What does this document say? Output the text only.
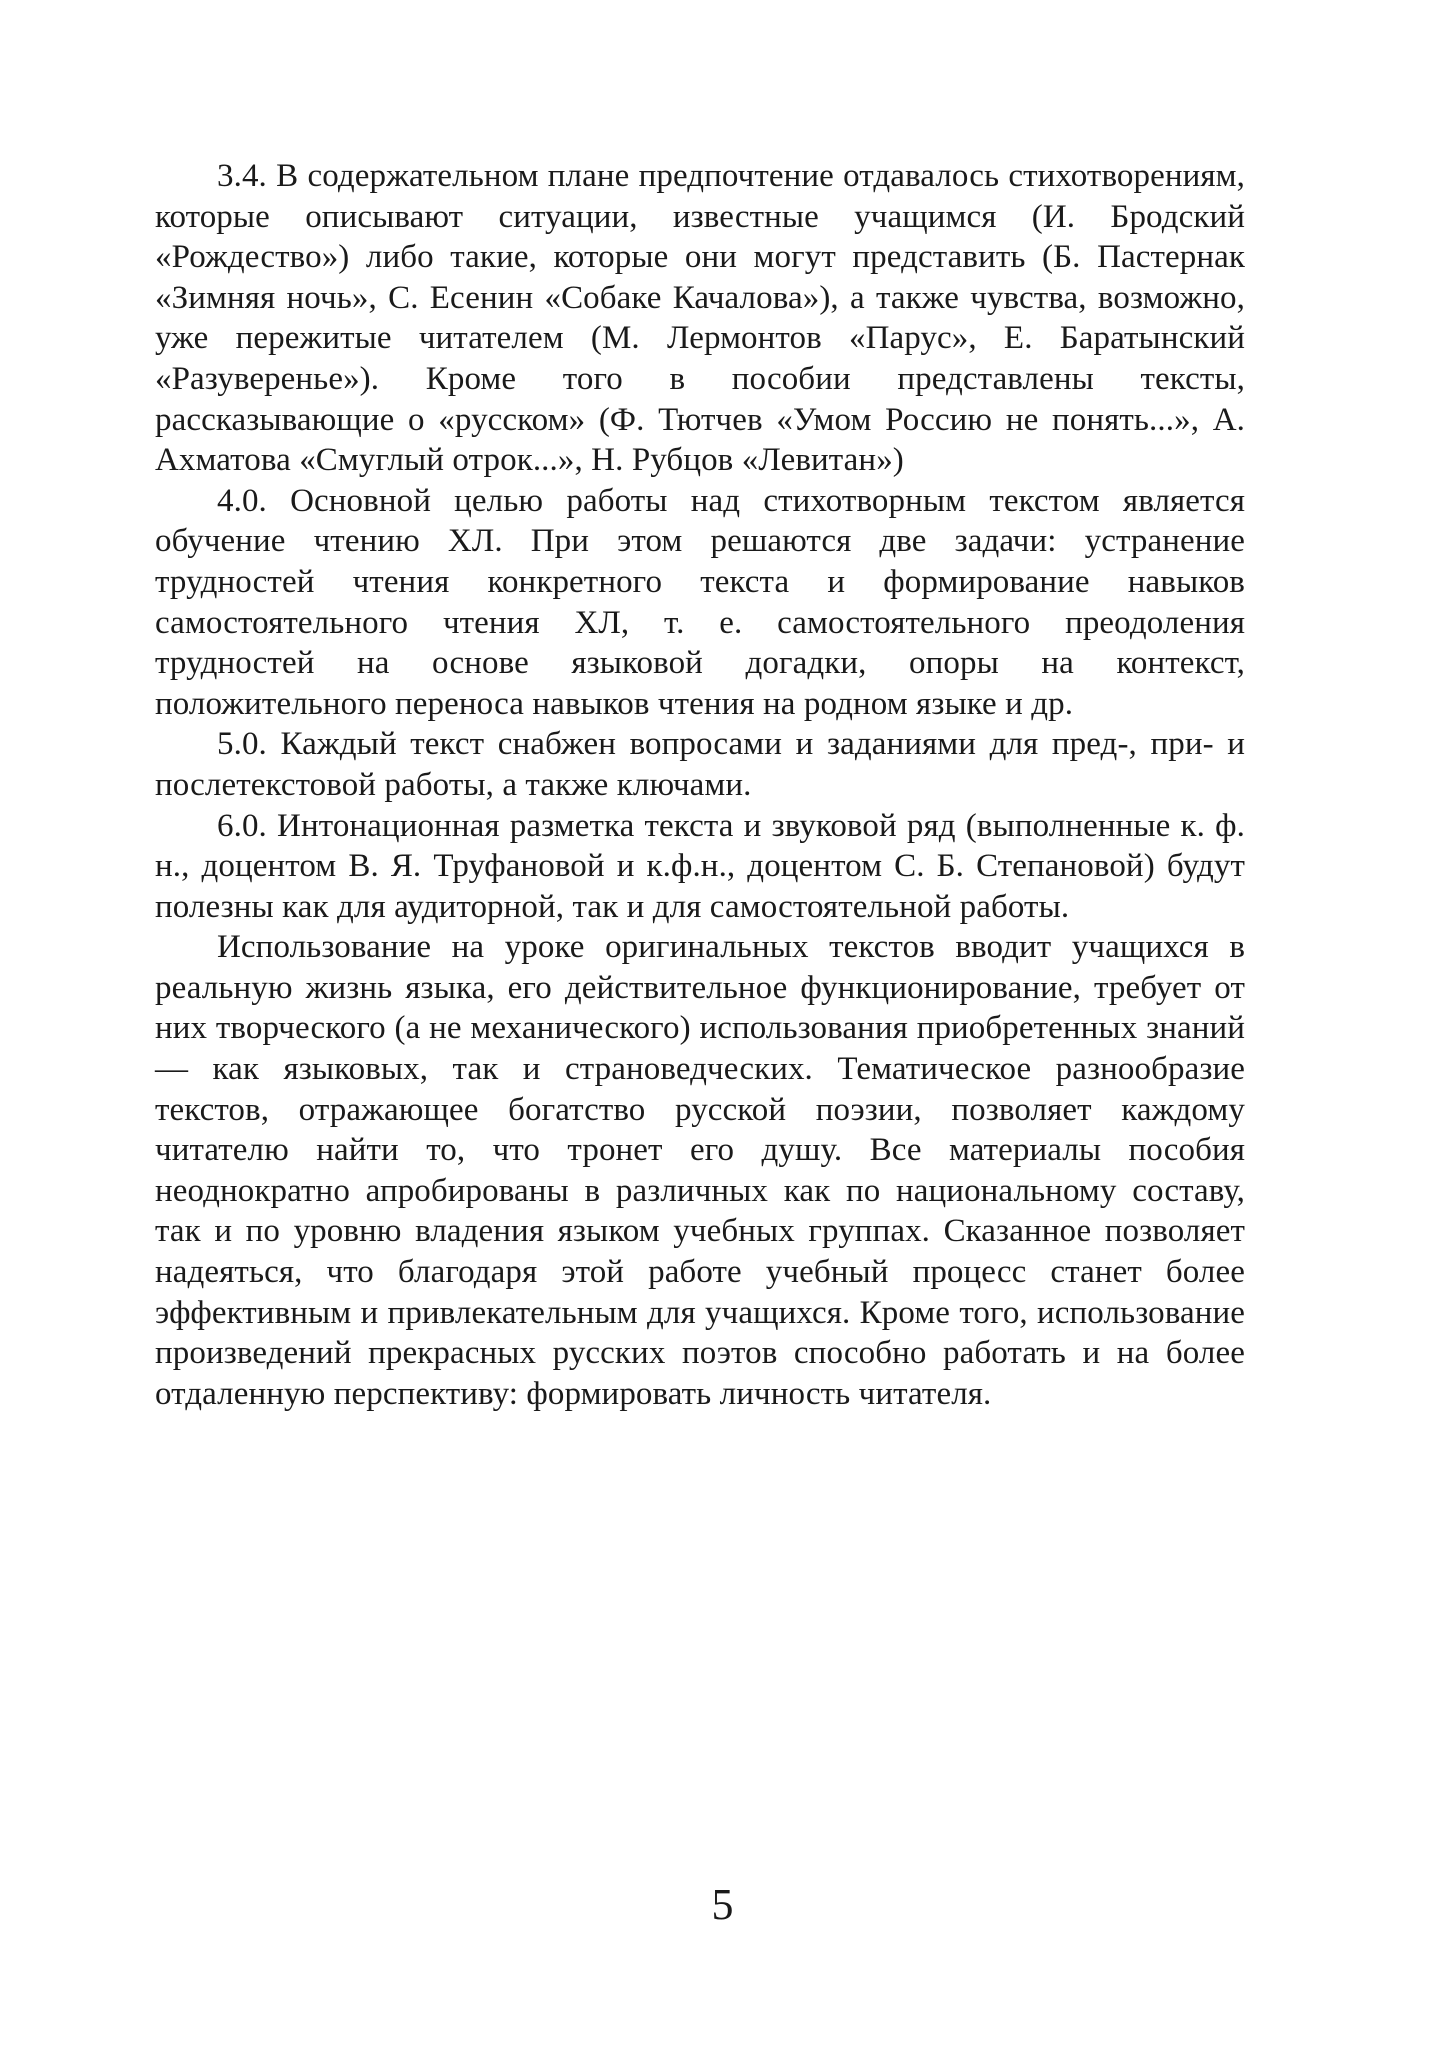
3.4. В содержательном плане предпочтение отдавалось стихотворениям, которые описывают ситуации, известные учащимся (И. Бродский «Рождество») либо такие, которые они могут представить (Б. Пастернак «Зимняя ночь», С. Есенин «Собаке Качалова»), а также чувства, возможно, уже пережитые читателем (М. Лермонтов «Парус», Е. Баратынский «Разуверенье»). Кроме того в пособии представлены тексты, рассказывающие о «русском» (Ф. Тютчев «Умом Россию не понять...», А. Ахматова «Смуглый отрок...», Н. Рубцов «Левитан»)

4.0. Основной целью работы над стихотворным текстом является обучение чтению ХЛ. При этом решаются две задачи: устранение трудностей чтения конкретного текста и формирование навыков самостоятельного чтения ХЛ, т. е. самостоятельного преодоления трудностей на основе языковой догадки, опоры на контекст, положительного переноса навыков чтения на родном языке и др.

5.0. Каждый текст снабжен вопросами и заданиями для пред-, при- и послетекстовой работы, а также ключами.

6.0. Интонационная разметка текста и звуковой ряд (выполненные к. ф. н., доцентом В. Я. Труфановой и к.ф.н., доцентом С. Б. Степановой) будут полезны как для аудиторной, так и для самостоятельной работы.

Использование на уроке оригинальных текстов вводит учащихся в реальную жизнь языка, его действительное функционирование, требует от них творческого (а не механического) использования приобретенных знаний — как языковых, так и страноведческих. Тематическое разнообразие текстов, отражающее богатство русской поэзии, позволяет каждому читателю найти то, что тронет его душу. Все материалы пособия неоднократно апробированы в различных как по национальному составу, так и по уровню владения языком учебных группах. Сказанное позволяет надеяться, что благодаря этой работе учебный процесс станет более эффективным и привлекательным для учащихся. Кроме того, использование произведений прекрасных русских поэтов способно работать и на более отдаленную перспективу: формировать личность читателя.

5
